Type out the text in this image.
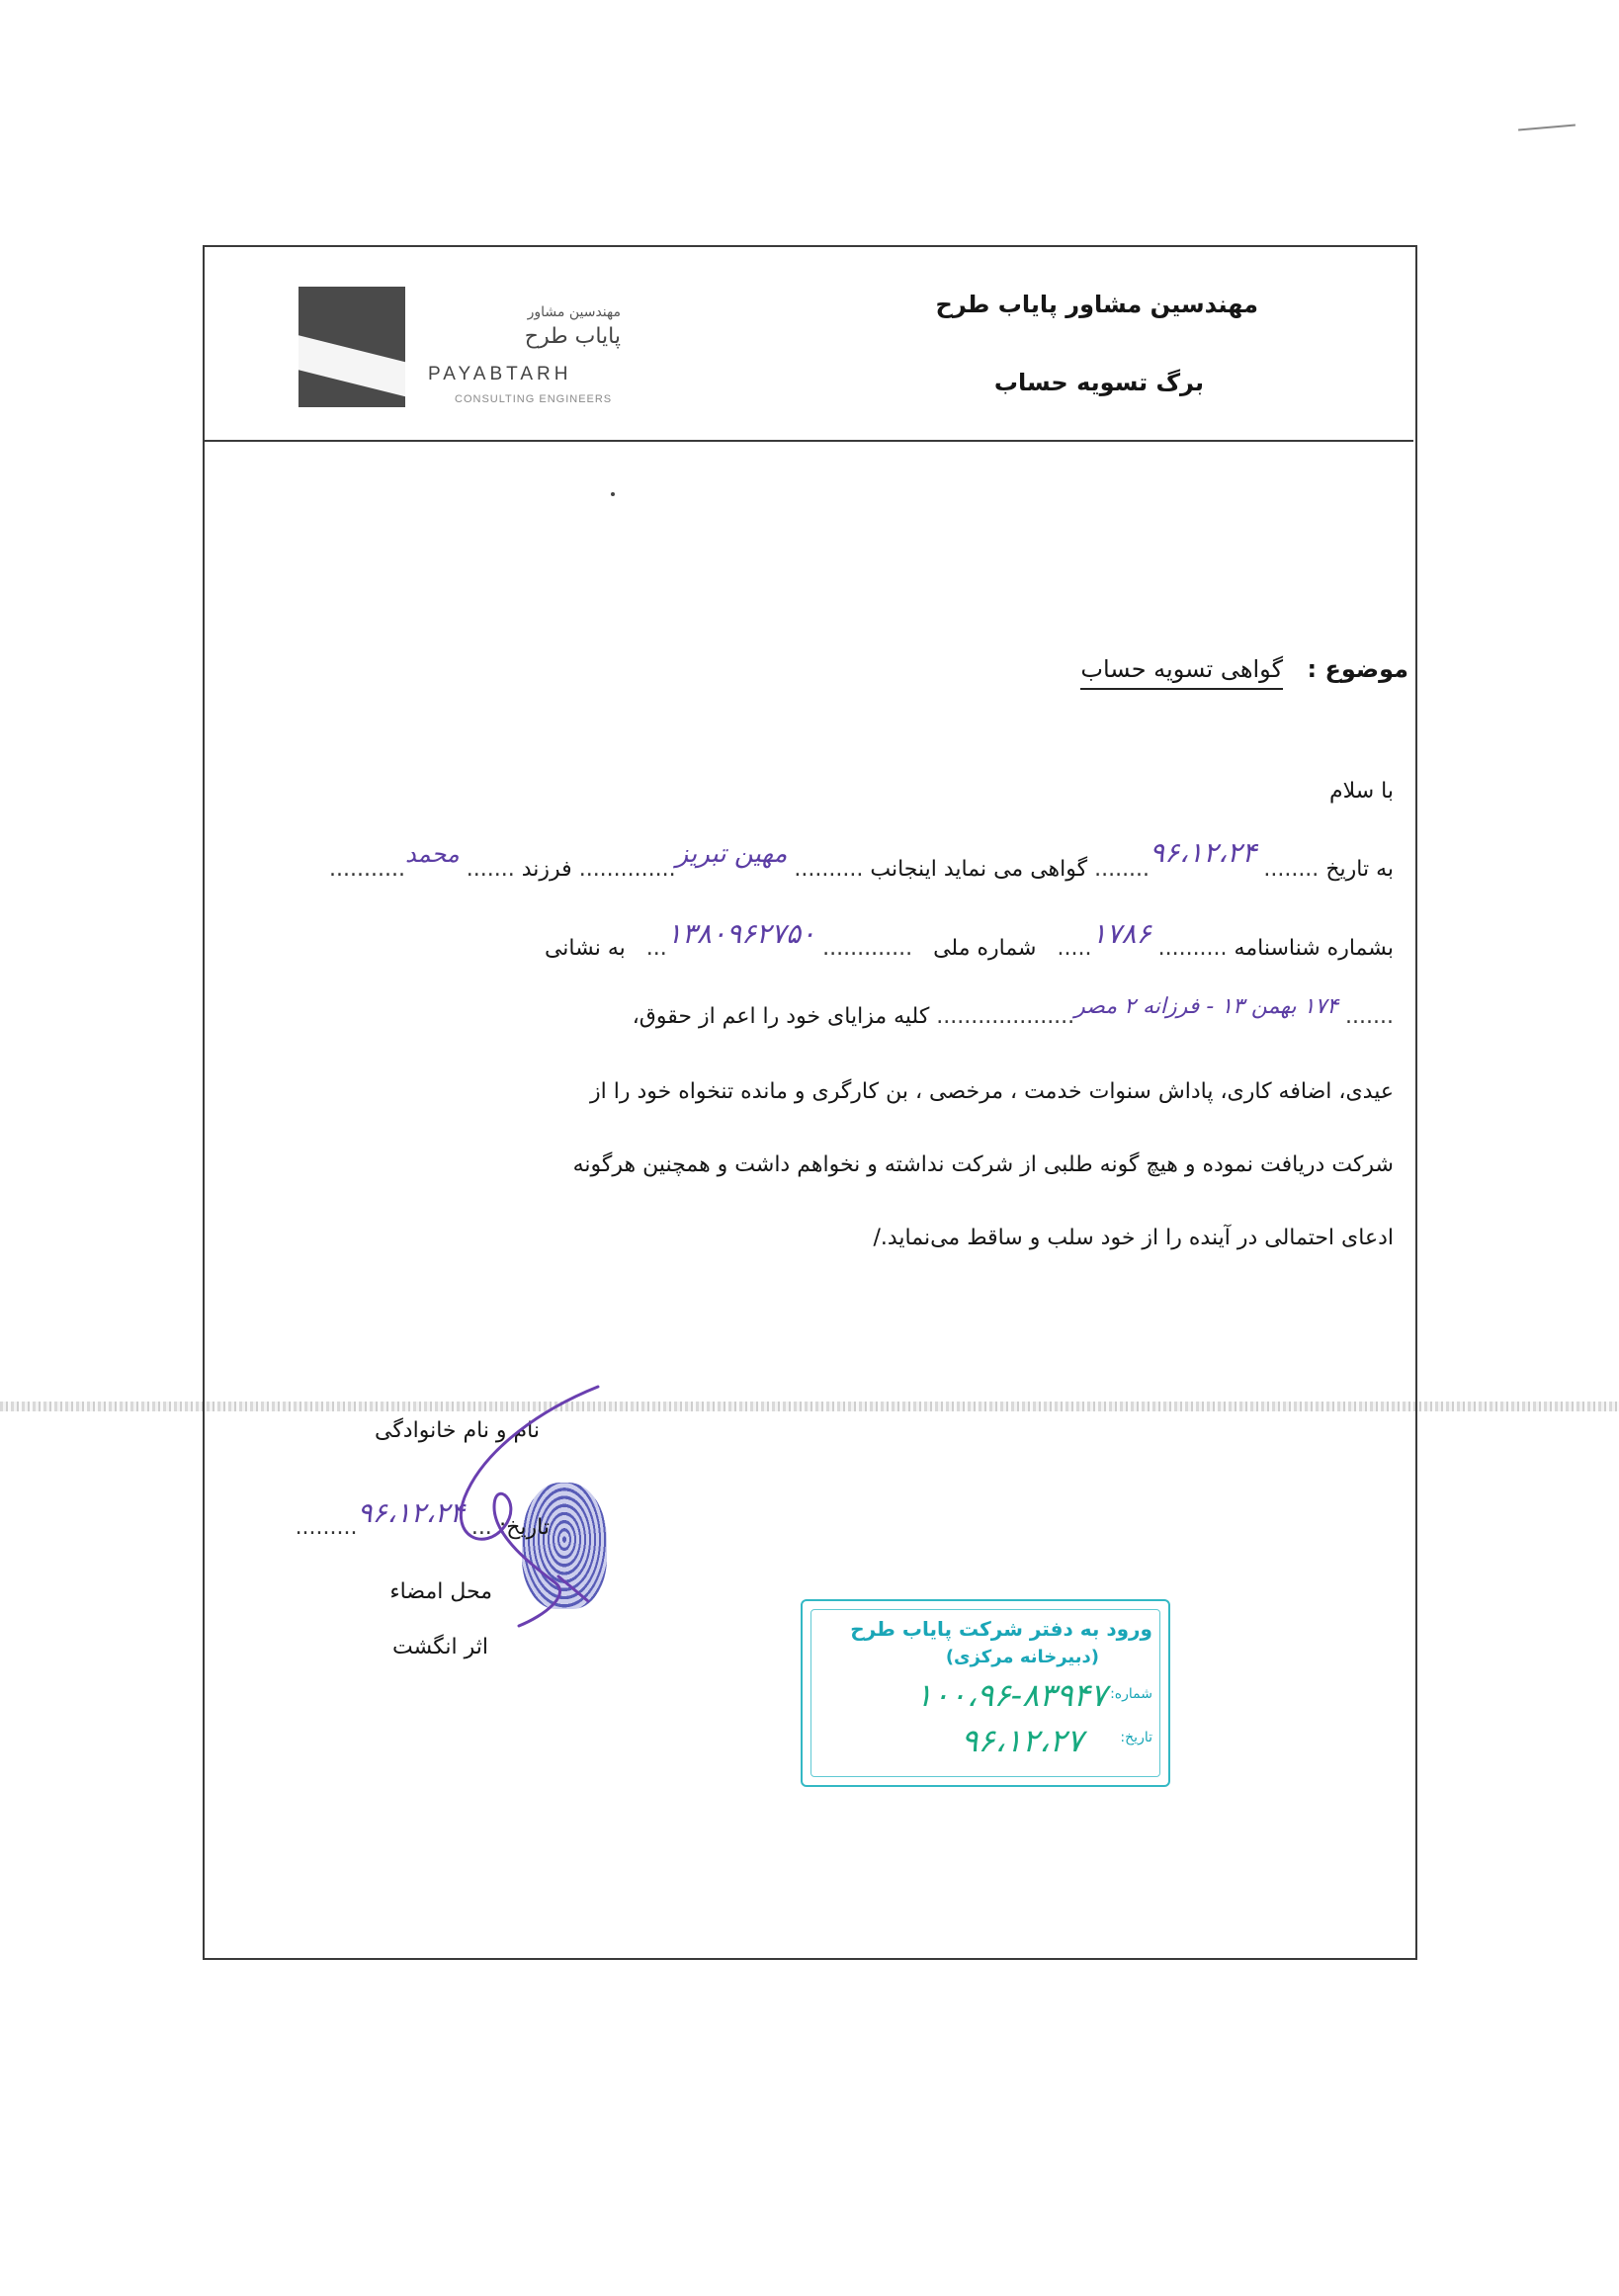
مهندسین مشاور
پایاب طرح
PAYABTARH
CONSULTING ENGINEERS
مهندسین مشاور پایاب طرح
برگ تسویه حساب
موضوع :
گواهی تسویه حساب
با سلام
به تاریخ ........ ۹۶،۱۲،۲۴........ گواهی می نماید اینجانب .......... مهین تبریز.............. فرزند ....... محمد...........
بشماره شناسنامه .......... ۱۷۸۶..... شماره ملی ............. ۱۳۸۰۹۶۲۷۵۰... به نشانی
....... ۱۷۴ بهمن ۱۳ - فرزانه ۲ مصر.................... کلیه مزایای خود را اعم از حقوق،
عیدی، اضافه کاری، پاداش سنوات خدمت ، مرخصی ، بن کارگری و مانده تنخواه خود را از
شرکت دریافت نموده و هیچ گونه طلبی از شرکت نداشته و نخواهم داشت و همچنین هرگونه
ادعای احتمالی در آینده را از خود سلب و ساقط می‌نماید./
نام و نام خانوادگی
تاریخ: ... ۹۶،۱۲،۲۴.........
محل امضاء
اثر انگشت
ورود به دفتر شرکت پایاب طرح
(دبیرخانه مرکزی)
شماره:
۱۰۰،۹۶-۸۳۹۴۷
تاریخ:
۹۶،۱۲،۲۷
